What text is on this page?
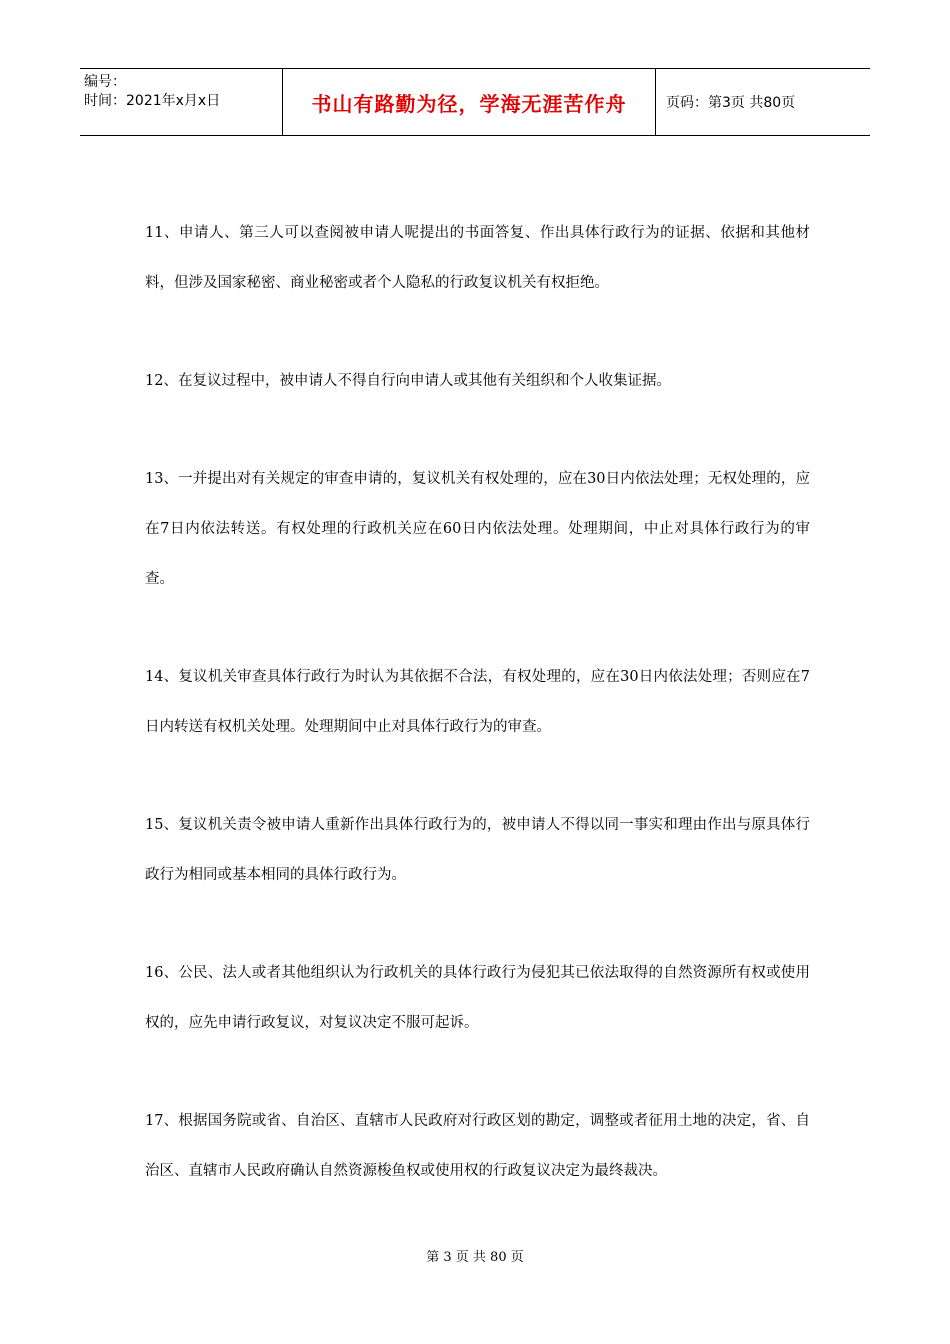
编号：
时间：2021年x月x日	书山有路勤为径，学海无涯苦作舟	页码：第3页 共80页

11、申请人、第三人可以查阅被申请人呢提出的书面答复、作出具体行政行为的证据、依据和其他材料，但涉及国家秘密、商业秘密或者个人隐私的行政复议机关有权拒绝。

12、在复议过程中，被申请人不得自行向申请人或其他有关组织和个人收集证据。

13、一并提出对有关规定的审查申请的，复议机关有权处理的，应在30日内依法处理；无权处理的，应在7日内依法转送。有权处理的行政机关应在60日内依法处理。处理期间，中止对具体行政行为的审查。

14、复议机关审查具体行政行为时认为其依据不合法，有权处理的，应在30日内依法处理；否则应在7日内转送有权机关处理。处理期间中止对具体行政行为的审查。

15、复议机关责令被申请人重新作出具体行政行为的，被申请人不得以同一事实和理由作出与原具体行政行为相同或基本相同的具体行政行为。

16、公民、法人或者其他组织认为行政机关的具体行政行为侵犯其已依法取得的自然资源所有权或使用权的，应先申请行政复议，对复议决定不服可起诉。

17、根据国务院或省、自治区、直辖市人民政府对行政区划的勘定，调整或者征用土地的决定，省、自治区、直辖市人民政府确认自然资源梭鱼权或使用权的行政复议决定为最终裁决。

第 3 页 共 80 页
